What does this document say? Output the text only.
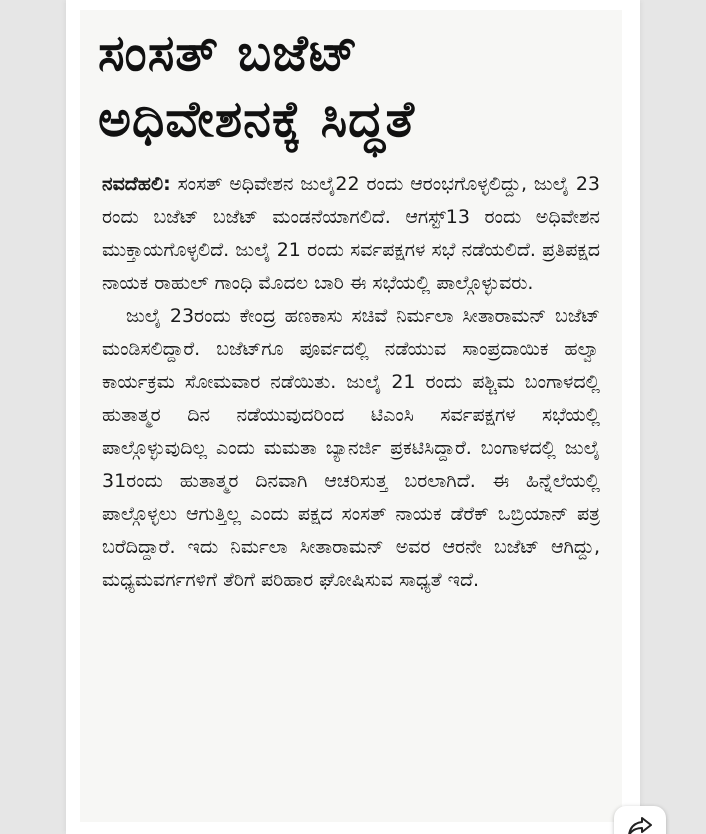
ಸಂಸತ್ ಬಜೆಟ್
ಅಧಿವೇಶನಕ್ಕೆ ಸಿದ್ಧತೆ

ನವದೆಹಲಿ: ಸಂಸತ್ ಅಧಿವೇಶನ ಜುಲೈ22 ರಂದು ಆರಂಭಗೊಳ್ಳಲಿದ್ದು, ಜುಲೈ 23 ರಂದು ಬಜೆಟ್ ಬಜೆಟ್ ಮಂಡನೆಯಾಗಲಿದೆ. ಆಗಸ್ಟ್13 ರಂದು ಅಧಿವೇಶನ ಮುಕ್ತಾಯಗೊಳ್ಳಲಿದೆ. ಜುಲೈ 21 ರಂದು ಸರ್ವಪಕ್ಷಗಳ ಸಭೆ ನಡೆಯಲಿದೆ. ಪ್ರತಿಪಕ್ಷದ ನಾಯಕ ರಾಹುಲ್ ಗಾಂಧಿ ಮೊದಲ ಬಾರಿ ಈ ಸಭೆಯಲ್ಲಿ ಪಾಲ್ಗೊಳ್ಳುವರು.

ಜುಲೈ 23ರಂದು ಕೇಂದ್ರ ಹಣಕಾಸು ಸಚಿವೆ ನಿರ್ಮಲಾ ಸೀತಾರಾಮನ್ ಬಜೆಟ್ ಮಂಡಿಸಲಿದ್ದಾರೆ. ಬಜೆಟ್‌ಗೂ ಪೂರ್ವದಲ್ಲಿ ನಡೆಯುವ ಸಾಂಪ್ರದಾಯಿಕ ಹಲ್ವಾ ಕಾರ್ಯಕ್ರಮ ಸೋಮವಾರ ನಡೆಯಿತು. ಜುಲೈ 21 ರಂದು ಪಶ್ಚಿಮ ಬಂಗಾಳದಲ್ಲಿ ಹುತಾತ್ಮರ ದಿನ ನಡೆಯುವುದರಿಂದ ಟಿಎಂಸಿ ಸರ್ವಪಕ್ಷಗಳ ಸಭೆಯಲ್ಲಿ ಪಾಲ್ಗೊಳ್ಳುವುದಿಲ್ಲ ಎಂದು ಮಮತಾ ಬ್ಯಾನರ್ಜಿ ಪ್ರಕಟಿಸಿದ್ದಾರೆ. ಬಂಗಾಳದಲ್ಲಿ ಜುಲೈ 31ರಂದು ಹುತಾತ್ಮರ ದಿನವಾಗಿ ಆಚರಿಸುತ್ತ ಬರಲಾಗಿದೆ. ಈ ಹಿನ್ನೆಲೆಯಲ್ಲಿ ಪಾಲ್ಗೊಳ್ಳಲು ಆಗುತ್ತಿಲ್ಲ ಎಂದು ಪಕ್ಷದ ಸಂಸತ್ ನಾಯಕ ಡೆರೆಕ್ ಒಬ್ರಿಯಾನ್ ಪತ್ರ ಬರೆದಿದ್ದಾರೆ. ಇದು ನಿರ್ಮಲಾ ಸೀತಾರಾಮನ್ ಅವರ ಆರನೇ ಬಜೆಟ್ ಆಗಿದ್ದು, ಮಧ್ಯಮವರ್ಗಗಳಿಗೆ ತೆರಿಗೆ ಪರಿಹಾರ ಘೋಷಿಸುವ ಸಾಧ್ಯತೆ ಇದೆ.
